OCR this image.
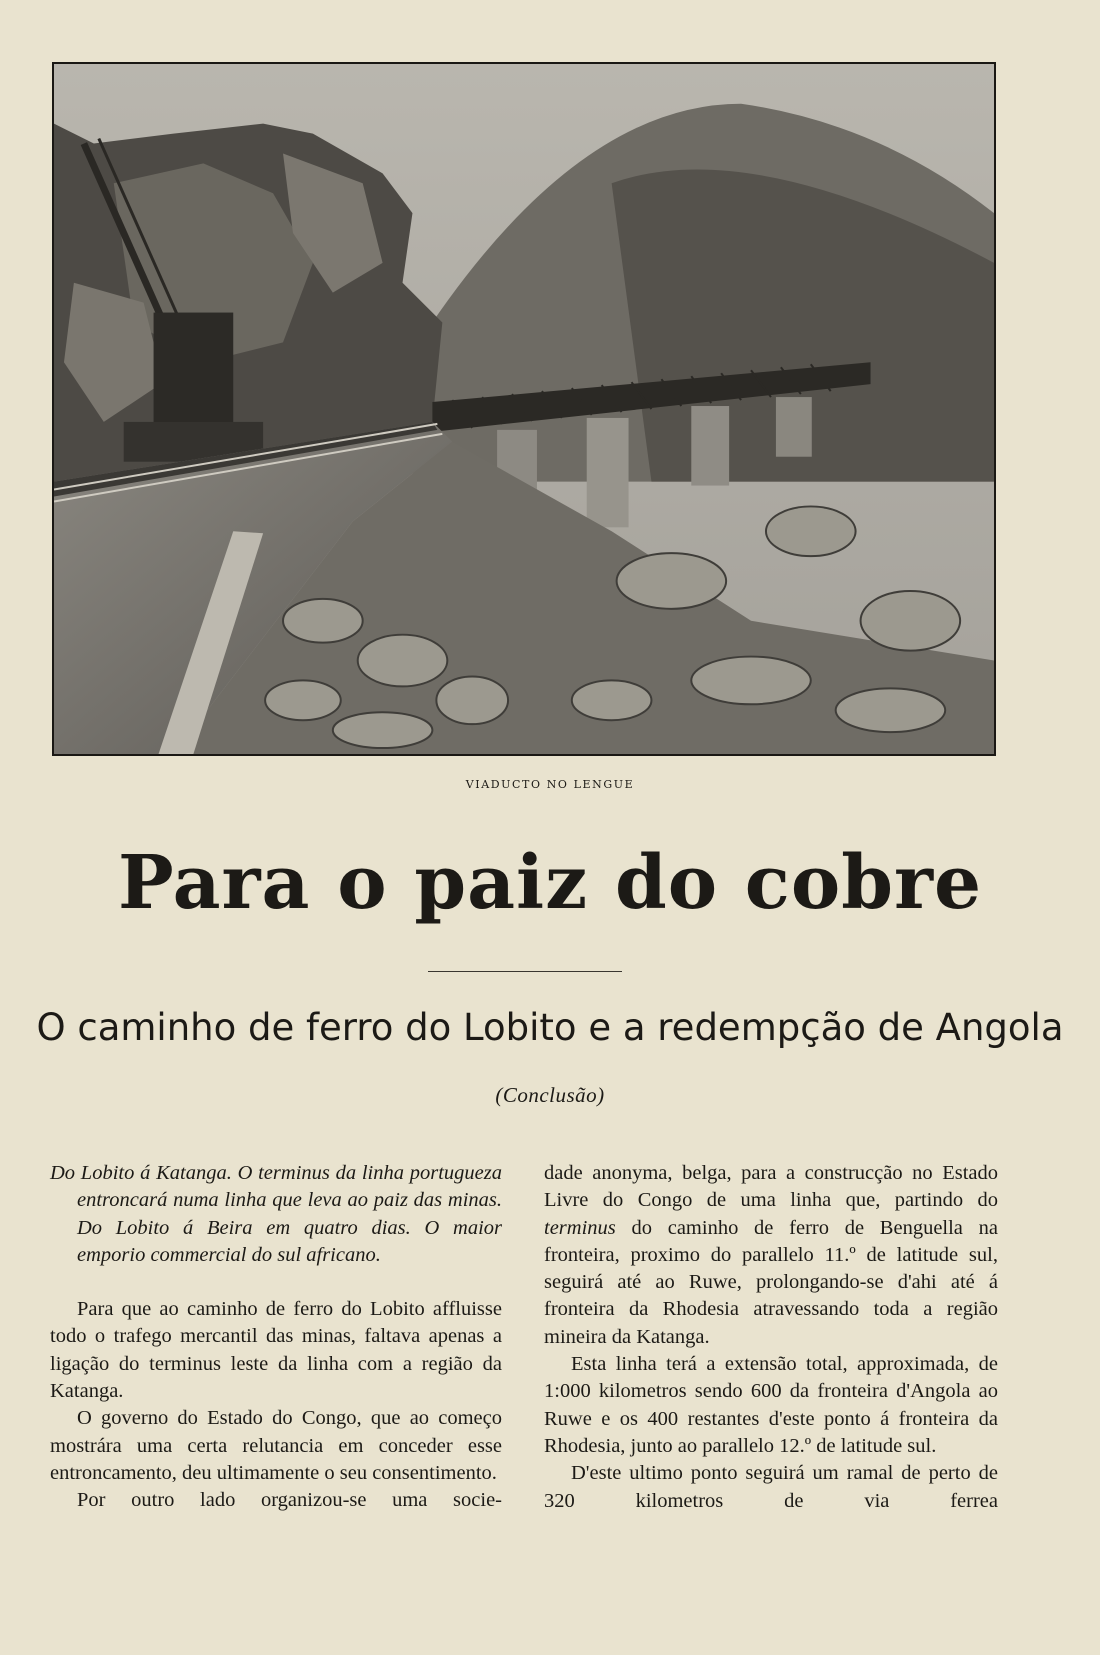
VIADUCTO NO LENGUE
Para o paiz do cobre
O caminho de ferro do Lobito e a redempção de Angola
(Conclusão)

Do Lobito á Katanga. O terminus da linha portugueza entroncará numa linha que leva ao paiz das minas. Do Lobito á Beira em quatro dias. O maior emporio commercial do sul africano.

Para que ao caminho de ferro do Lobito affluisse todo o trafego mercantil das minas, faltava apenas a ligação do terminus leste da linha com a região da Katanga.

O governo do Estado do Congo, que ao começo mostrára uma certa relutancia em conceder esse entroncamento, deu ultimamente o seu consentimento.

Por outro lado organizou-se uma socie-

dade anonyma, belga, para a construcção no Estado Livre do Congo de uma linha que, partindo do terminus do caminho de ferro de Benguella na fronteira, proximo do parallelo 11.º de latitude sul, seguirá até ao Ruwe, prolongando-se d'ahi até á fronteira da Rhodesia atravessando toda a região mineira da Katanga.

Esta linha terá a extensão total, approximada, de 1:000 kilometros sendo 600 da fronteira d'Angola ao Ruwe e os 400 restantes d'este ponto á fronteira da Rhodesia, junto ao parallelo 12.º de latitude sul.

D'este ultimo ponto seguirá um ramal de perto de 320 kilometros de via ferrea
